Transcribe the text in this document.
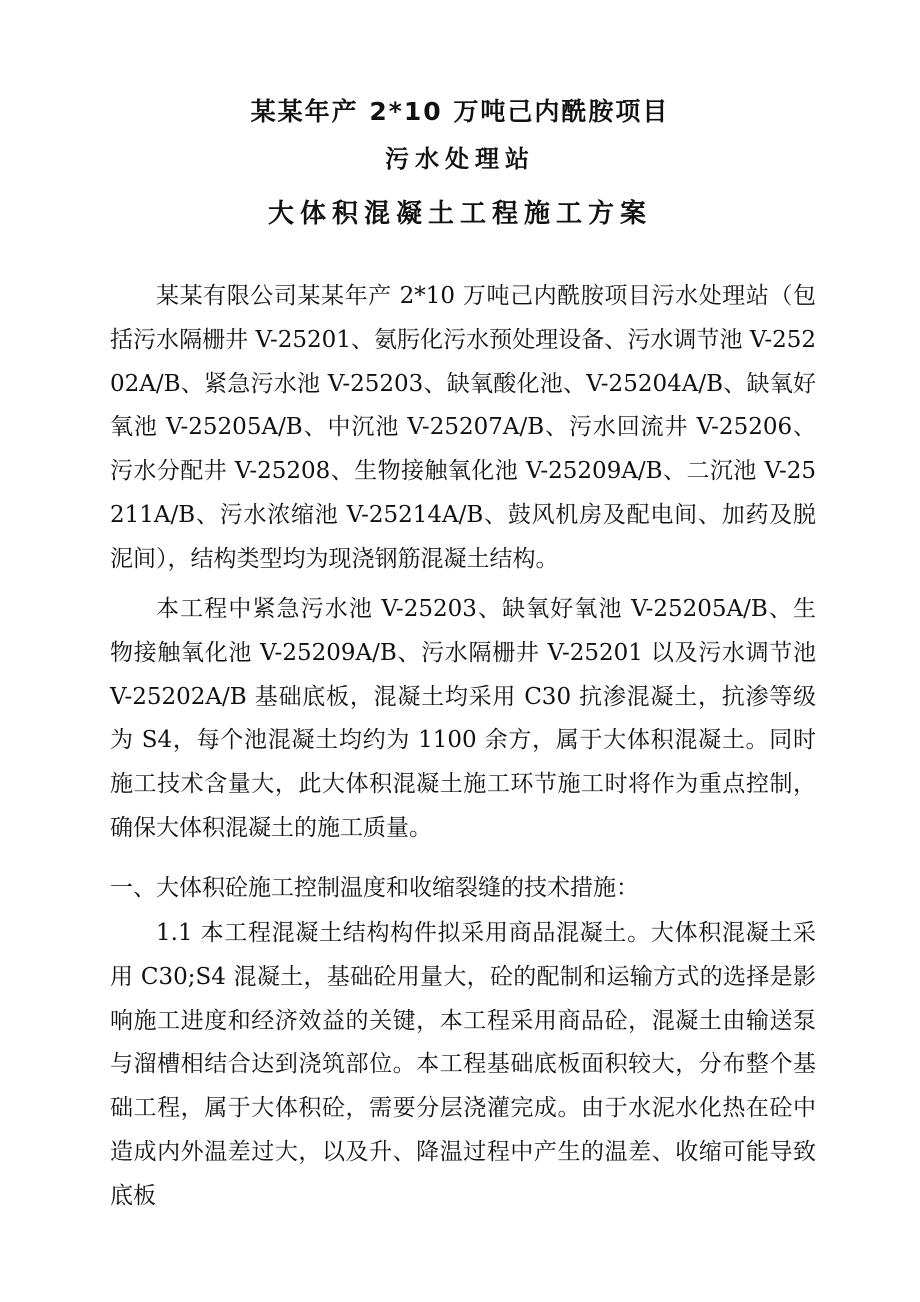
某某年产 2*10 万吨己内酰胺项目
污水处理站
大体积混凝土工程施工方案
某某有限公司某某年产 2*10 万吨己内酰胺项目污水处理站（包括污水隔栅井 V-25201、氨肟化污水预处理设备、污水调节池 V-25202A/B、紧急污水池 V-25203、缺氧酸化池、V-25204A/B、缺氧好氧池 V-25205A/B、中沉池 V-25207A/B、污水回流井 V-25206、污水分配井 V-25208、生物接触氧化池 V-25209A/B、二沉池 V-25211A/B、污水浓缩池 V-25214A/B、鼓风机房及配电间、加药及脱泥间），结构类型均为现浇钢筋混凝土结构。
本工程中紧急污水池 V-25203、缺氧好氧池 V-25205A/B、生物接触氧化池 V-25209A/B、污水隔栅井 V-25201 以及污水调节池 V-25202A/B 基础底板，混凝土均采用 C30 抗渗混凝土，抗渗等级为 S4，每个池混凝土均约为 1100 余方，属于大体积混凝土。同时施工技术含量大，此大体积混凝土施工环节施工时将作为重点控制，确保大体积混凝土的施工质量。
一、大体积砼施工控制温度和收缩裂缝的技术措施：
1.1 本工程混凝土结构构件拟采用商品混凝土。大体积混凝土采用 C30;S4 混凝土，基础砼用量大，砼的配制和运输方式的选择是影响施工进度和经济效益的关键，本工程采用商品砼，混凝土由输送泵与溜槽相结合达到浇筑部位。本工程基础底板面积较大，分布整个基础工程，属于大体积砼，需要分层浇灌完成。由于水泥水化热在砼中造成内外温差过大，以及升、降温过程中产生的温差、收缩可能导致底板
